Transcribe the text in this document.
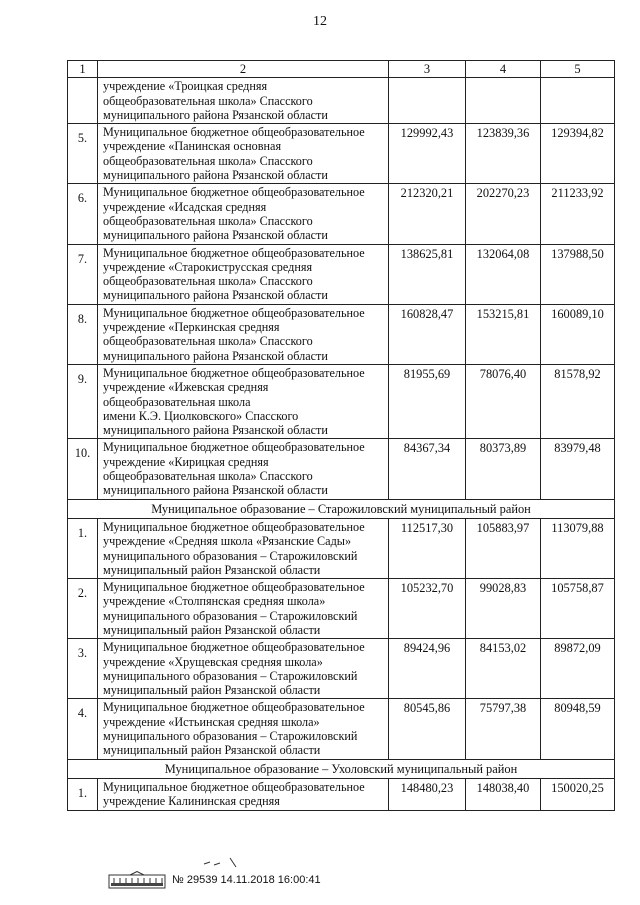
12
1	2	3	4	5

	учреждение «Троицкая средняя
общеобразовательная школа» Спасского
муниципального района Рязанской области			

5.	Муниципальное бюджетное общеобразовательное
учреждение «Панинская основная
общеобразовательная школа» Спасского
муниципального района Рязанской области	129992,43	123839,36	129394,82
6.	Муниципальное бюджетное общеобразовательное
учреждение «Исадская средняя
общеобразовательная школа» Спасского
муниципального района Рязанской области	212320,21	202270,23	211233,92
7.	Муниципальное бюджетное общеобразовательное
учреждение «Старокиструсская средняя
общеобразовательная школа» Спасского
муниципального района Рязанской области	138625,81	132064,08	137988,50
8.	Муниципальное бюджетное общеобразовательное
учреждение «Перкинская средняя
общеобразовательная школа» Спасского
муниципального района Рязанской области	160828,47	153215,81	160089,10
9.	Муниципальное бюджетное общеобразовательное
учреждение «Ижевская средняя
общеобразовательная школа
имени К.Э. Циолковского» Спасского
муниципального района Рязанской области	81955,69	78076,40	81578,92
10.	Муниципальное бюджетное общеобразовательное
учреждение «Кирицкая средняя
общеобразовательная школа» Спасского
муниципального района Рязанской области	84367,34	80373,89	83979,48
Муниципальное образование – Старожиловский муниципальный район				
1.	Муниципальное бюджетное общеобразовательное
учреждение «Средняя школа «Рязанские Сады»
муниципального образования – Старожиловский
муниципальный район Рязанской области	112517,30	105883,97	113079,88
2.	Муниципальное бюджетное общеобразовательное
учреждение «Столпянская средняя школа»
муниципального образования – Старожиловский
муниципальный район Рязанской области	105232,70	99028,83	105758,87
3.	Муниципальное бюджетное общеобразовательное
учреждение «Хрущевская средняя школа»
муниципального образования – Старожиловский
муниципальный район Рязанской области	89424,96	84153,02	89872,09
4.	Муниципальное бюджетное общеобразовательное
учреждение «Истьинская средняя школа»
муниципального образования – Старожиловский
муниципальный район Рязанской области	80545,86	75797,38	80948,59
Муниципальное образование – Ухоловский муниципальный район				
1.	Муниципальное бюджетное общеобразовательное
учреждение Калининская средняя	148480,23	148038,40	150020,25
№ 29539 14.11.2018 16:00:41
